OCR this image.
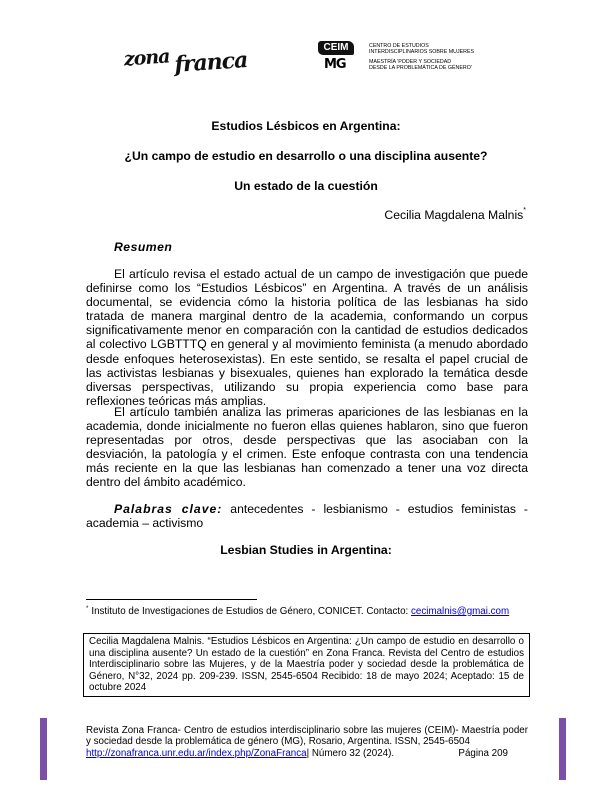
zona franca	CEIM
MG
CENTRO DE ESTUDIOS
INTERDISCIPLINARIOS SOBRE MUJERES
MAESTRÍA 'PODER Y SOCIEDAD
DESDE LA PROBLEMÁTICA DE GÉNERO'
Estudios Lésbicos en Argentina:
¿Un campo de estudio en desarrollo o una disciplina ausente?
Un estado de la cuestión
Cecilia Magdalena Malnis*
Resumen
El artículo revisa el estado actual de un campo de investigación que puede definirse como los “Estudios Lésbicos” en Argentina. A través de un análisis documental, se evidencia cómo la historia política de las lesbianas ha sido tratada de manera marginal dentro de la academia, conformando un corpus significativamente menor en comparación con la cantidad de estudios dedicados al colectivo LGBTTTQ en general y al movimiento feminista (a menudo abordado desde enfoques heterosexistas). En este sentido, se resalta el papel crucial de las activistas lesbianas y bisexuales, quienes han explorado la temática desde diversas perspectivas, utilizando su propia experiencia como base para reflexiones teóricas más amplias.
El artículo también analiza las primeras apariciones de las lesbianas en la academia, donde inicialmente no fueron ellas quienes hablaron, sino que fueron representadas por otros, desde perspectivas que las asociaban con la desviación, la patología y el crimen. Este enfoque contrasta con una tendencia más reciente en la que las lesbianas han comenzado a tener una voz directa dentro del ámbito académico.
Palabras clave: antecedentes - lesbianismo - estudios feministas - academia – activismo
Lesbian Studies in Argentina:
* Instituto de Investigaciones de Estudios de Género, CONICET. Contacto: cecimalnis@gmai.com
Cecilia Magdalena Malnis. “Estudios Lésbicos en Argentina: ¿Un campo de estudio en desarrollo o una disciplina ausente? Un estado de la cuestión” en Zona Franca. Revista del Centro de estudios Interdisciplinario sobre las Mujeres, y de la Maestría poder y sociedad desde la problemática de Género, N°32, 2024 pp. 209-239. ISSN, 2545-6504 Recibido: 18 de mayo 2024; Aceptado: 15 de octubre 2024
Revista Zona Franca- Centro de estudios interdisciplinario sobre las mujeres (CEIM)- Maestría poder y sociedad desde la problemática de género (MG), Rosario, Argentina. ISSN, 2545-6504
http://zonafranca.unr.edu.ar/index.php/ZonaFranca| Número 32 (2024).	Página 209
